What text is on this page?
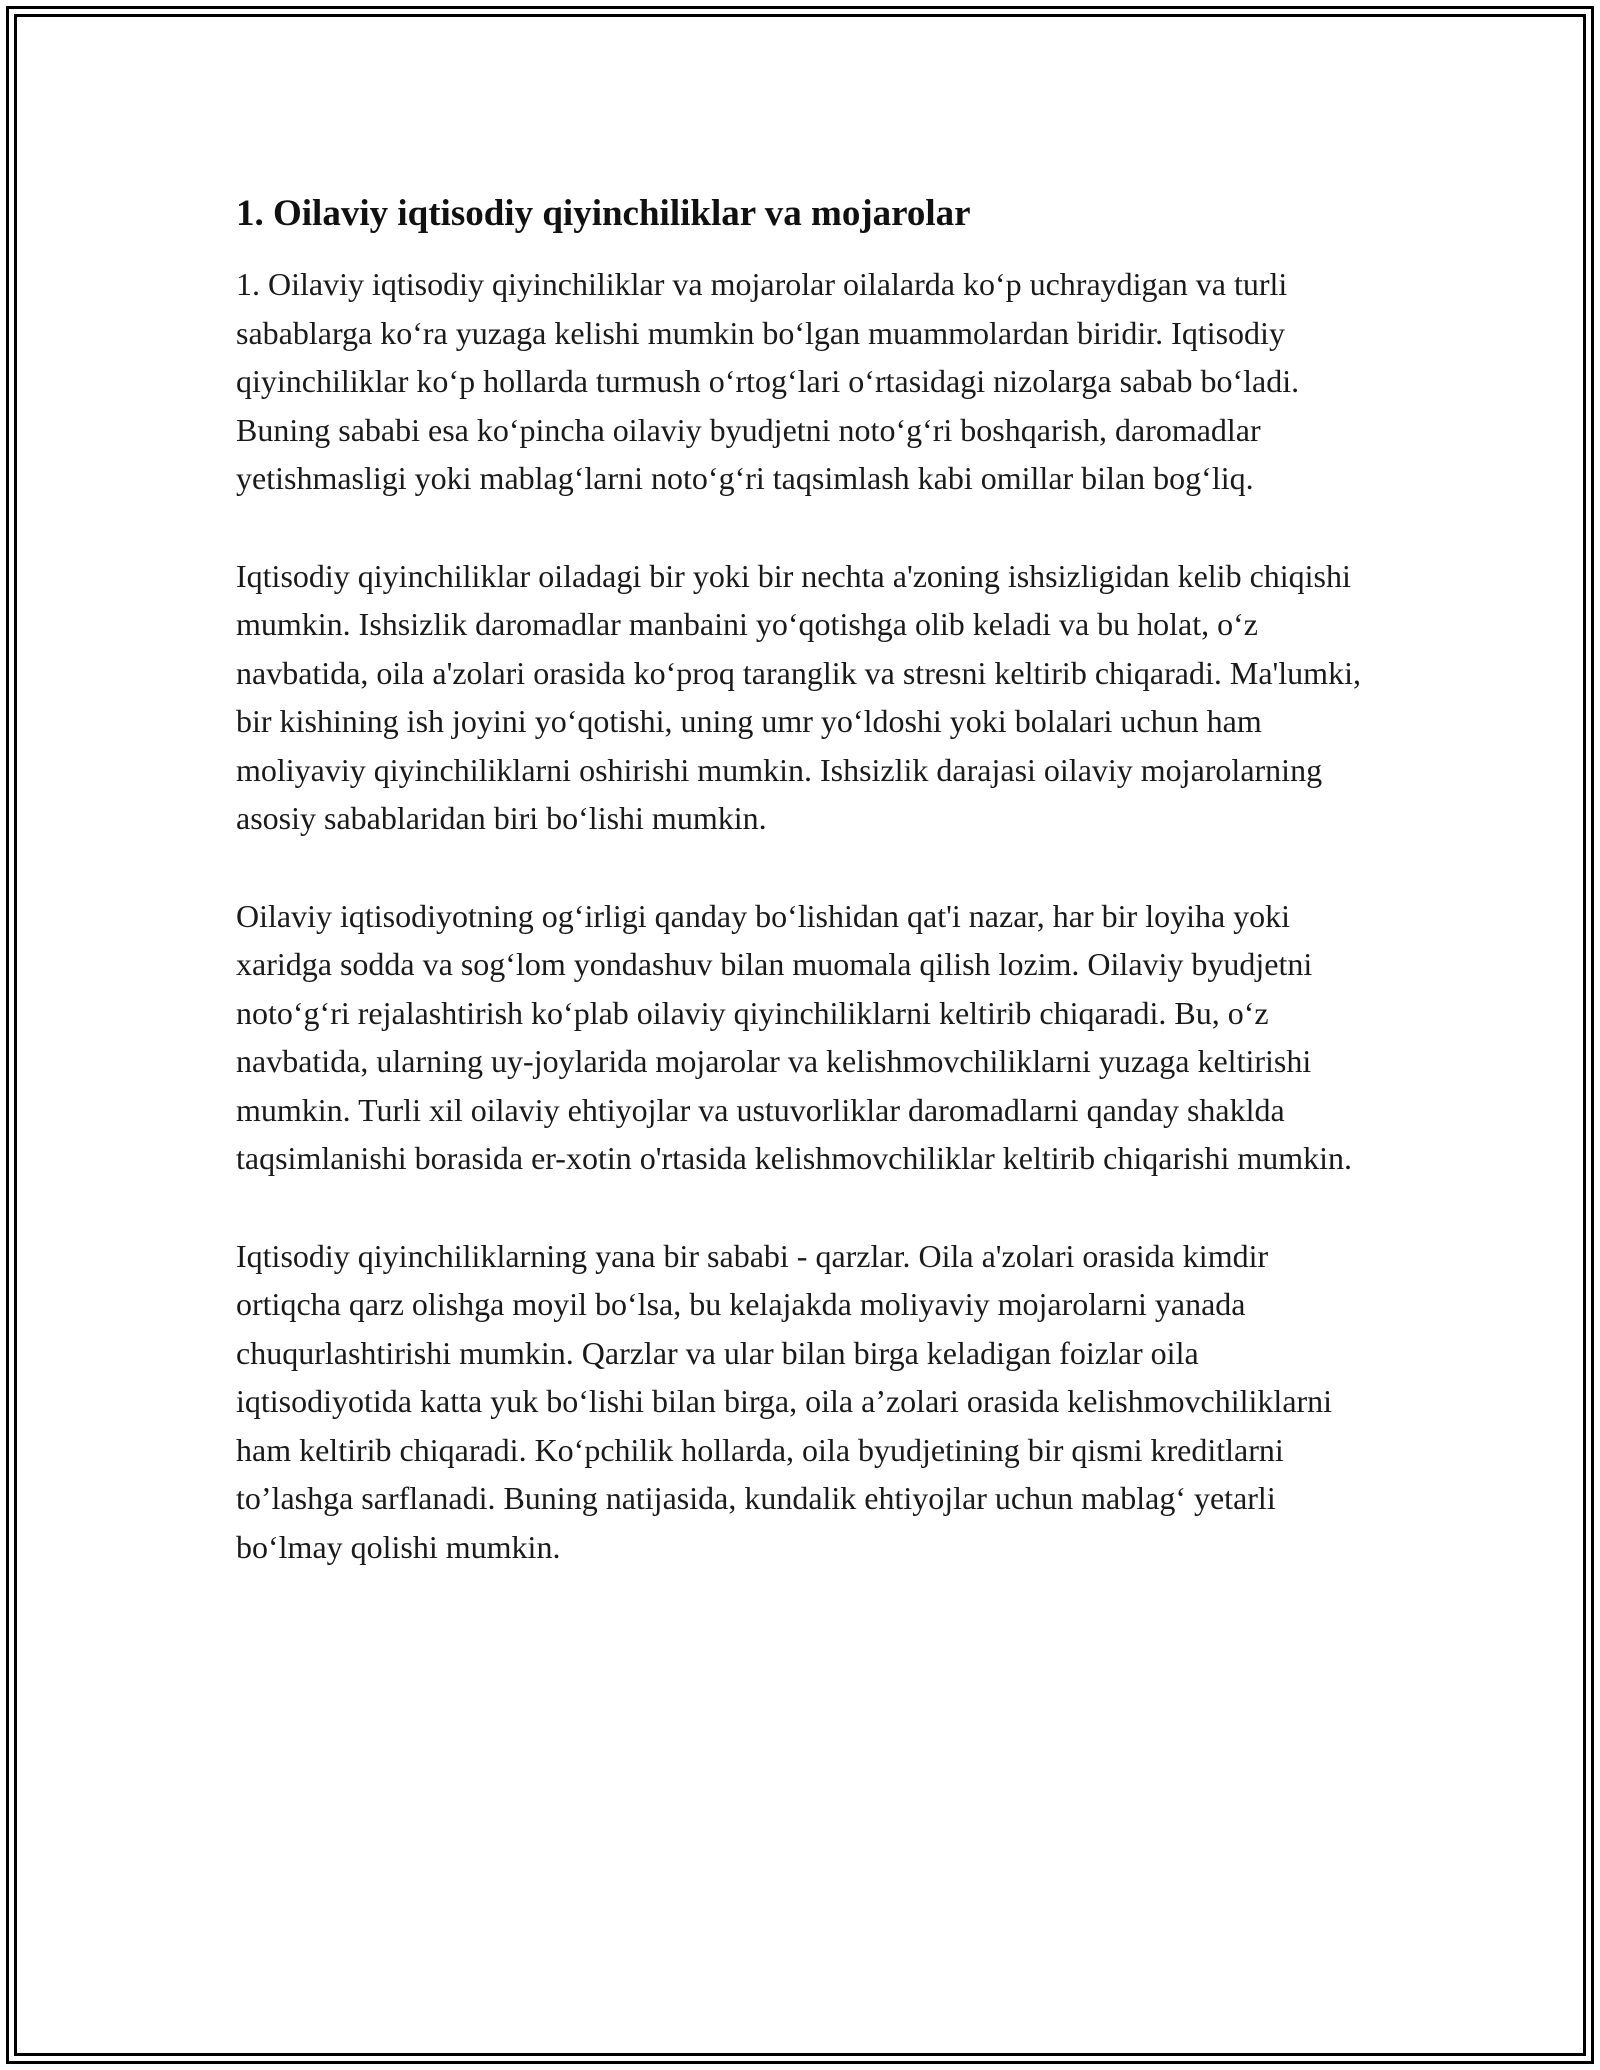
1. Oilaviy iqtisodiy qiyinchiliklar va mojarolar

1. Oilaviy iqtisodiy qiyinchiliklar va mojarolar oilalarda ko‘p uchraydigan va turli sabablarga ko‘ra yuzaga kelishi mumkin bo‘lgan muammolardan biridir. Iqtisodiy qiyinchiliklar ko‘p hollarda turmush o‘rtog‘lari o‘rtasidagi nizolarga sabab bo‘ladi. Buning sababi esa ko‘pincha oilaviy byudjetni noto‘g‘ri boshqarish, daromadlar yetishmasligi yoki mablag‘larni noto‘g‘ri taqsimlash kabi omillar bilan bog‘liq.

Iqtisodiy qiyinchiliklar oiladagi bir yoki bir nechta a'zoning ishsizligidan kelib chiqishi mumkin. Ishsizlik daromadlar manbaini yo‘qotishga olib keladi va bu holat, o‘z navbatida, oila a'zolari orasida ko‘proq taranglik va stresni keltirib chiqaradi. Ma'lumki, bir kishining ish joyini yo‘qotishi, uning umr yo‘ldoshi yoki bolalari uchun ham moliyaviy qiyinchiliklarni oshirishi mumkin. Ishsizlik darajasi oilaviy mojarolarning asosiy sabablaridan biri bo‘lishi mumkin.

Oilaviy iqtisodiyotning og‘irligi qanday bo‘lishidan qat'i nazar, har bir loyiha yoki xaridga sodda va sog‘lom yondashuv bilan muomala qilish lozim. Oilaviy byudjetni noto‘g‘ri rejalashtirish ko‘plab oilaviy qiyinchiliklarni keltirib chiqaradi. Bu, o‘z navbatida, ularning uy-joylarida mojarolar va kelishmovchiliklarni yuzaga keltirishi mumkin. Turli xil oilaviy ehtiyojlar va ustuvorliklar daromadlarni qanday shaklda taqsimlanishi borasida er-xotin o'rtasida kelishmovchiliklar keltirib chiqarishi mumkin.

Iqtisodiy qiyinchiliklarning yana bir sababi - qarzlar. Oila a'zolari orasida kimdir ortiqcha qarz olishga moyil bo‘lsa, bu kelajakda moliyaviy mojarolarni yanada chuqurlashtirishi mumkin. Qarzlar va ular bilan birga keladigan foizlar oila iqtisodiyotida katta yuk bo‘lishi bilan birga, oila a’zolari orasida kelishmovchiliklarni ham keltirib chiqaradi. Ko‘pchilik hollarda, oila byudjetining bir qismi kreditlarni to’lashga sarflanadi. Buning natijasida, kundalik ehtiyojlar uchun mablag‘ yetarli bo‘lmay qolishi mumkin.
